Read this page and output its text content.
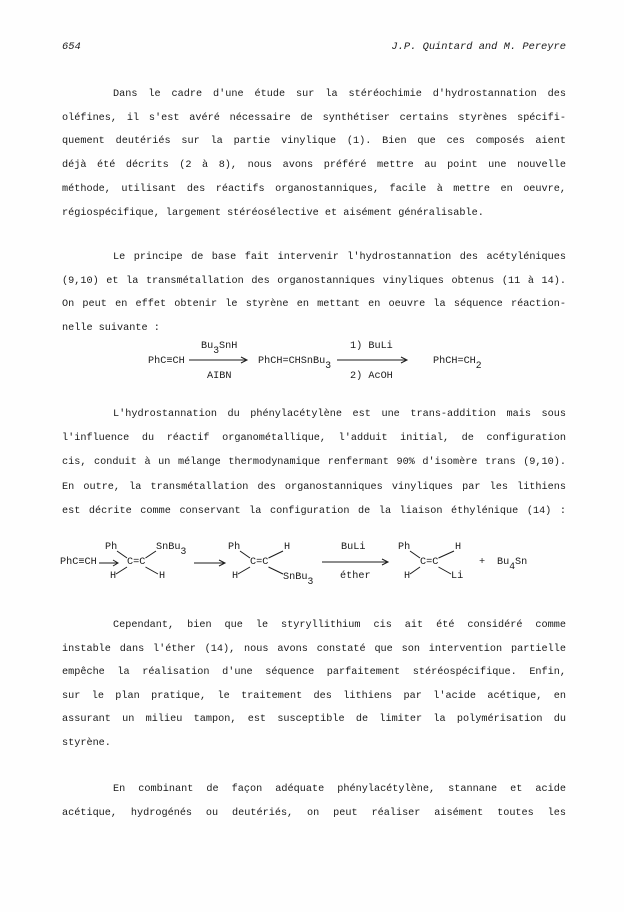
654	J.P. Quintard and M. Pereyre
Dans le cadre d'une étude sur la stéréochimie d'hydrostannation des
oléfines, il s'est avéré nécessaire de synthétiser certains styrènes spécifi-
quement deutériés sur la partie vinylique (1). Bien que ces composés aient
déjà été décrits (2 à 8), nous avons préféré mettre au point une nouvelle
méthode, utilisant des réactifs organostanniques, facile à mettre en oeuvre,
régiospécifique, largement stéréosélective et aisément généralisable.
Le principe de base fait intervenir l'hydrostannation des acétyléniques
(9,10) et la transmétallation des organostanniques vinyliques obtenus (11 à 14).
On peut en effet obtenir le styrène en mettant en oeuvre la séquence réaction-
nelle suivante :
PhC≡CH
$Bu_3SnH$
AIBN
PhCH=CHSnBu$_3$
1) BuLi
2) AcOH
$PhCH=CH_2$
L'hydrostannation du phénylacétylène est une trans-addition mais sous
l'influence du réactif organométallique, l'adduit initial, de configuration
cis, conduit à un mélange thermodynamique renfermant 90% d'isomère trans (9,10).
En outre, la transmétallation des organostanniques vinyliques par les lithiens
est décrite comme conservant la configuration de la liaison éthylénique (14) :
PhC≡CH
Ph	SnBu$_3$
C=C
H	H
Ph	H
C=C
H	SnBu$_3$
BuLi
éther
Ph	H
C=C
H	Li
+ $Bu_4Sn$
Cependant, bien que le styryllithium cis ait été considéré comme
instable dans l'éther (14), nous avons constaté que son intervention partielle
empêche la réalisation d'une séquence parfaitement stéréospécifique. Enfin,
sur le plan pratique, le traitement des lithiens par l'acide acétique, en
assurant un milieu tampon, est susceptible de limiter la polymérisation du
styrène.
En combinant de façon adéquate phénylacétylène, stannane et acide
acétique, hydrogénés ou deutériés, on peut réaliser aisément toutes les
